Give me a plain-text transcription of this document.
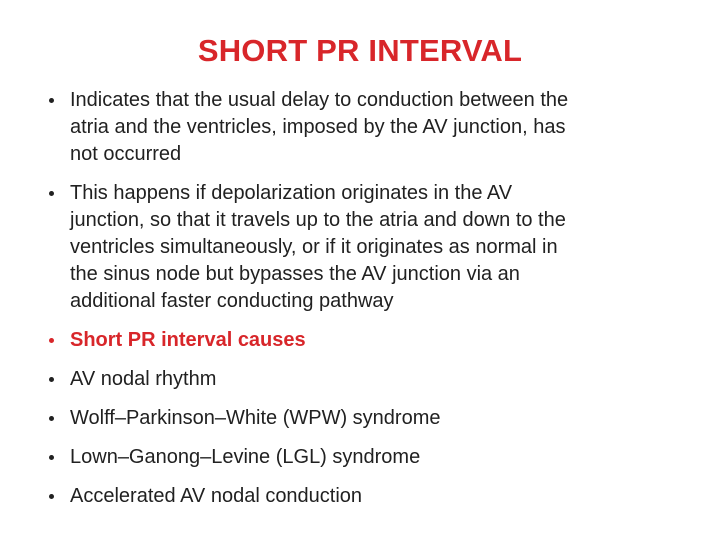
SHORT PR INTERVAL
Indicates that the usual delay to conduction between the
atria and the ventricles, imposed by the AV junction, has
not occurred
This happens if depolarization originates in the AV
junction, so that it travels up to the atria and down to the
ventricles simultaneously, or if it originates as normal in
the sinus node but bypasses the AV junction via an
additional faster conducting pathway
Short PR interval causes
AV nodal rhythm
Wolff–Parkinson–White (WPW) syndrome
Lown–Ganong–Levine (LGL) syndrome
Accelerated AV nodal conduction
